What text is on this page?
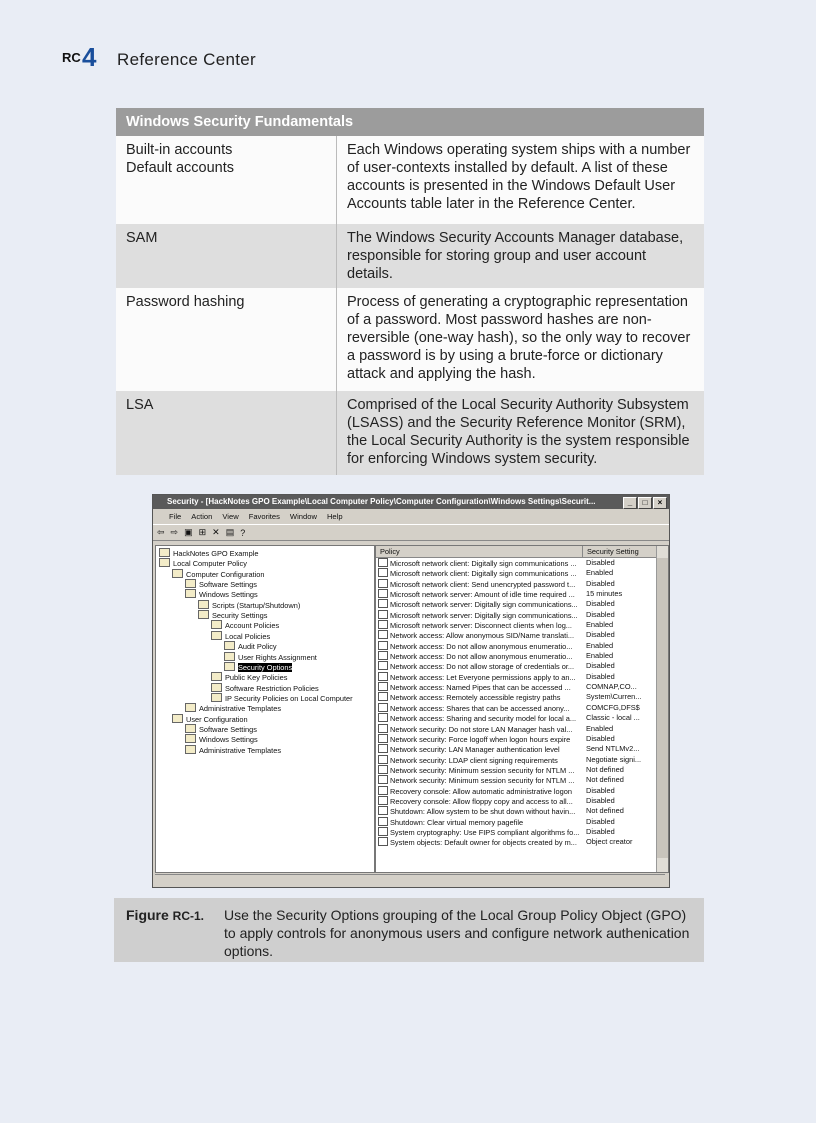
RC 4 Reference Center
Windows Security Fundamentals	
Built-in accounts
Default accounts	Each Windows operating system ships with a number of user-contexts installed by default. A list of these accounts is presented in the Windows Default User Accounts table later in the Reference Center.
SAM	The Windows Security Accounts Manager database, responsible for storing group and user account details.
Password hashing	Process of generating a cryptographic representation of a password. Most password hashes are non-reversible (one-way hash), so the only way to recover a password is by using a brute-force or dictionary attack and applying the hash.
LSA	Comprised of the Local Security Authority Subsystem (LSASS) and the Security Reference Monitor (SRM), the Local Security Authority is the system responsible for enforcing Windows system security.
Security - [HackNotes GPO Example\Local Computer Policy\Computer Configuration\Windows Settings\Securit...	_	□	×
File Action View Favorites Window Help
⇦ ⇨ ▣ ⊞ ✕ ▤ ?
HackNotes GPO Example
Local Computer Policy
Computer Configuration
Software Settings
Windows Settings
Scripts (Startup/Shutdown)
Security Settings
Account Policies
Local Policies
Audit Policy
User Rights Assignment
Security Options
Public Key Policies
Software Restriction Policies
IP Security Policies on Local Computer
Administrative Templates
User Configuration
Software Settings
Windows Settings
Administrative Templates
Policy	Security Setting
Microsoft network client: Digitally sign communications ...	Disabled
Microsoft network client: Digitally sign communications ...	Enabled
Microsoft network client: Send unencrypted password t...	Disabled
Microsoft network server: Amount of idle time required ...	15 minutes
Microsoft network server: Digitally sign communications...	Disabled
Microsoft network server: Digitally sign communications...	Disabled
Microsoft network server: Disconnect clients when log...	Enabled
Network access: Allow anonymous SID/Name translati...	Disabled
Network access: Do not allow anonymous enumeratio...	Enabled
Network access: Do not allow anonymous enumeratio...	Enabled
Network access: Do not allow storage of credentials or...	Disabled
Network access: Let Everyone permissions apply to an...	Disabled
Network access: Named Pipes that can be accessed ...	COMNAP,CO...
Network access: Remotely accessible registry paths	System\Curren...
Network access: Shares that can be accessed anony...	COMCFG,DFS$
Network access: Sharing and security model for local a...	Classic - local ...
Network security: Do not store LAN Manager hash val...	Enabled
Network security: Force logoff when logon hours expire	Disabled
Network security: LAN Manager authentication level	Send NTLMv2...
Network security: LDAP client signing requirements	Negotiate signi...
Network security: Minimum session security for NTLM ...	Not defined
Network security: Minimum session security for NTLM ...	Not defined
Recovery console: Allow automatic administrative logon	Disabled
Recovery console: Allow floppy copy and access to all...	Disabled
Shutdown: Allow system to be shut down without havin...	Not defined
Shutdown: Clear virtual memory pagefile	Disabled
System cryptography: Use FIPS compliant algorithms fo... Disabled
System objects: Default owner for objects created by m...	Object creator
Figure RC-1. Use the Security Options grouping of the Local Group Policy Object (GPO) to apply controls for anonymous users and configure network authenication options.
